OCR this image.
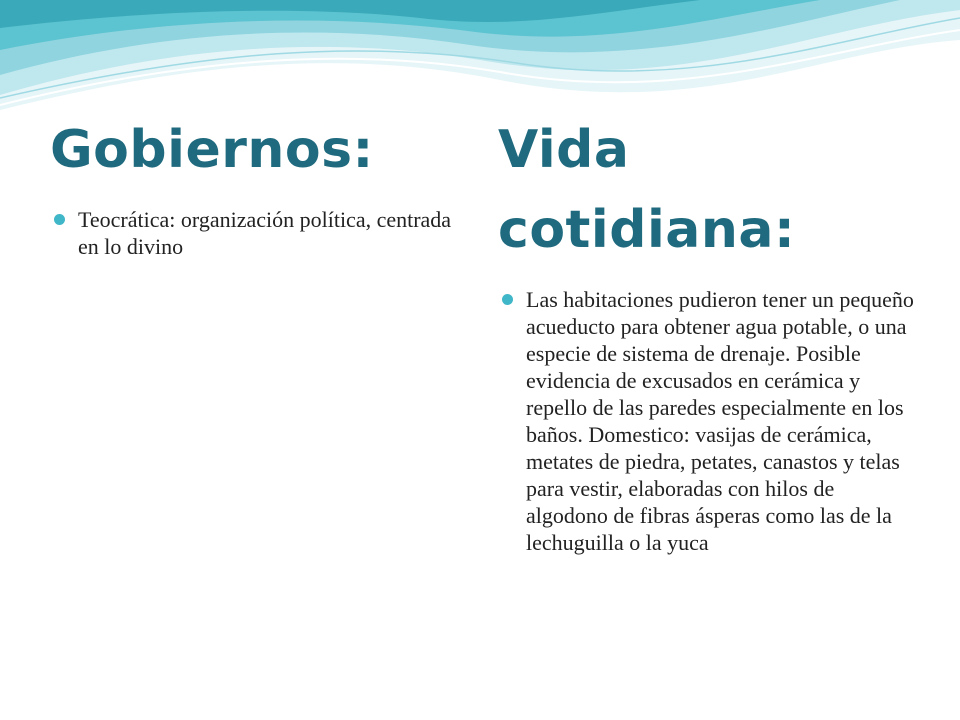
Gobiernos:
Teocrática: organización política, centrada en lo divino
Vida cotidiana:
Las habitaciones pudieron tener un pequeño acueducto para obtener agua potable, o una especie de sistema de drenaje. Posible evidencia de excusados en cerámica y repello de las paredes especialmente en los baños. Domestico: vasijas de cerámica, metates de piedra, petates, canastos y telas para vestir, elaboradas con hilos de algodono de fibras ásperas como las de la lechuguilla o la yuca
